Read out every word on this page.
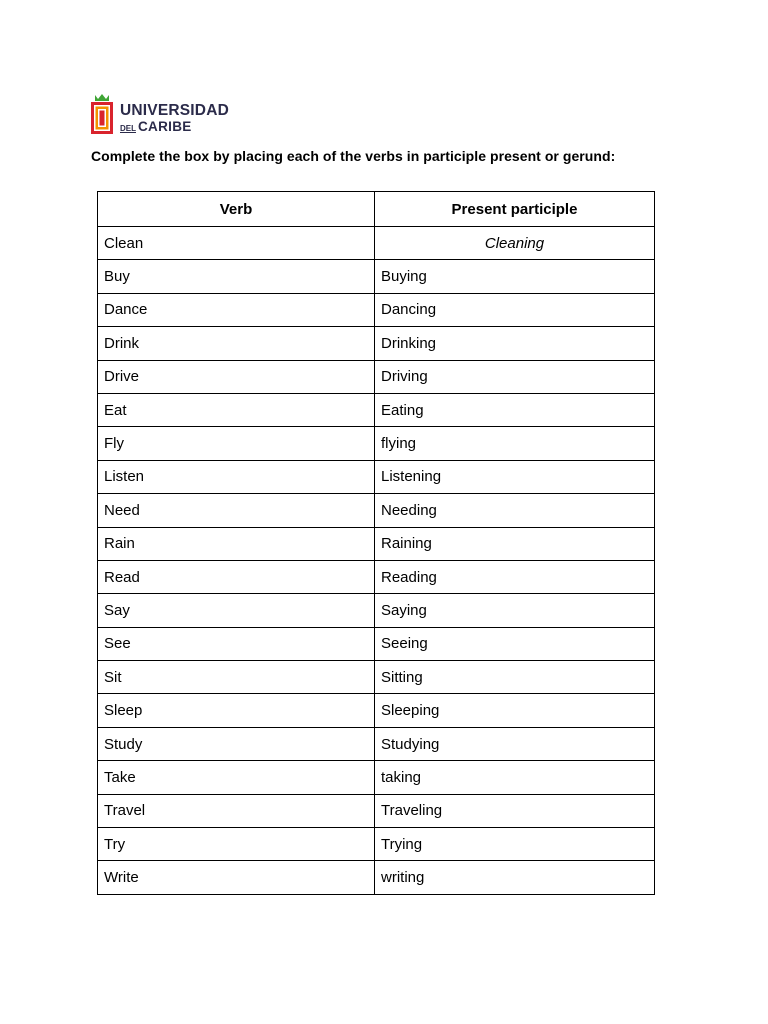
UNIVERSIDAD
DEL CARIBE
Complete the box by placing each of the verbs in participle present or gerund:
Verb	Present participle
Clean	Cleaning
Buy	Buying
Dance	Dancing
Drink	Drinking
Drive	Driving
Eat	Eating
Fly	flying
Listen	Listening
Need	Needing
Rain	Raining
Read	Reading
Say	Saying
See	Seeing
Sit	Sitting
Sleep	Sleeping
Study	Studying
Take	taking
Travel	Traveling
Try	Trying
Write	writing
